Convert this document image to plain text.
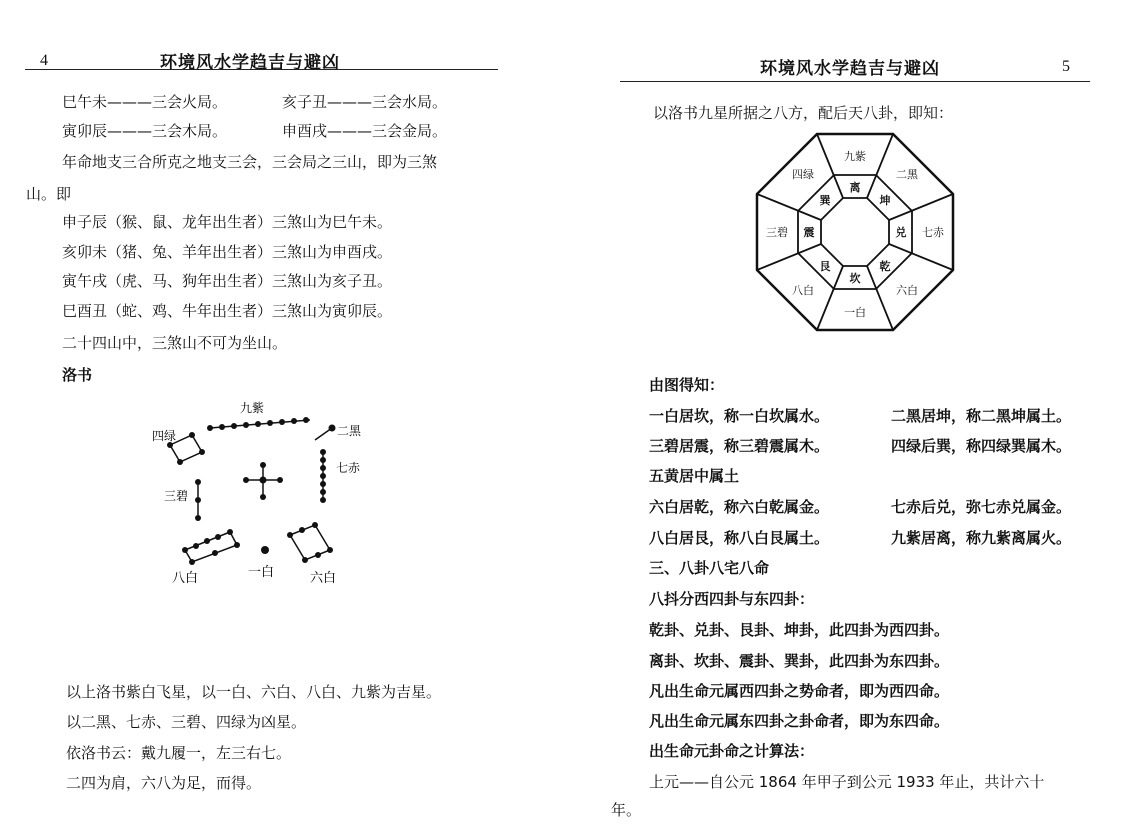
4	环境风水学趋吉与避凶
巳午未———三会火局。	亥子丑———三会水局。
寅卯辰———三会木局。	申酉戌———三会金局。
年命地支三合所克之地支三会，三会局之三山，即为三煞
山。即
申子辰（猴、鼠、龙年出生者）三煞山为巳午未。
亥卯未（猪、兔、羊年出生者）三煞山为申酉戌。
寅午戌（虎、马、狗年出生者）三煞山为亥子丑。
巳酉丑（蛇、鸡、牛年出生者）三煞山为寅卯辰。
二十四山中，三煞山不可为坐山。
洛书
九紫
四绿	二黑
七赤
三碧
八白	一白	六白
以上洛书紫白飞星，以一白、六白、八白、九紫为吉星。
以二黑、七赤、三碧、四绿为凶星。
依洛书云：戴九履一，左三右七。
二四为肩，六八为足，而得。
环境风水学趋吉与避凶	5
以洛书九星所据之八方，配后天八卦，即知：
九紫
二黑
七赤
六白
一白
八白
三碧
四绿
离
坤
兑
乾
坎
艮
震
巽
由图得知：
一白居坎，称一白坎属水。	二黑居坤，称二黑坤属土。
三碧居震，称三碧震属木。	四绿后巽，称四绿巽属木。
五黄居中属土
六白居乾，称六白乾属金。	七赤后兑，弥七赤兑属金。
八白居艮，称八白艮属土。	九紫居离，称九紫离属火。
三、八卦八宅八命
八抖分西四卦与东四卦：
乾卦、兑卦、艮卦、坤卦，此四卦为西四卦。
离卦、坎卦、震卦、巽卦，此四卦为东四卦。
凡出生命元属西四卦之势命者，即为西四命。
凡出生命元属东四卦之卦命者，即为东四命。
出生命元卦命之计算法：
上元——自公元 1864 年甲子到公元 1933 年止，共计六十
年。
